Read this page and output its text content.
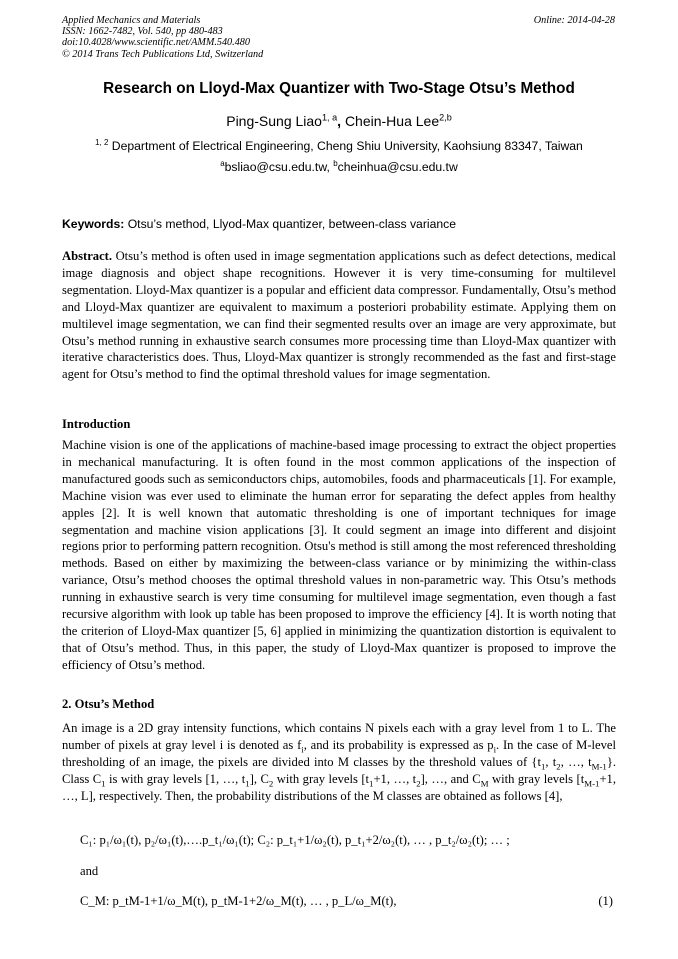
Applied Mechanics and Materials
ISSN: 1662-7482, Vol. 540, pp 480-483
doi:10.4028/www.scientific.net/AMM.540.480
© 2014 Trans Tech Publications Ltd, Switzerland
Online: 2014-04-28
Research on Lloyd-Max Quantizer with Two-Stage Otsu’s Method
Ping-Sung Liao$^{1, a}$, Chein-Hua Lee$^{2,b}$
$^{1, 2}$ Department of Electrical Engineering, Cheng Shiu University, Kaohsiung 83347, Taiwan
$^a$bsliao@csu.edu.tw, $^b$cheinhua@csu.edu.tw
Keywords: Otsu’s method, Llyod-Max quantizer, between-class variance
Abstract. Otsu’s method is often used in image segmentation applications such as defect detections, medical image diagnosis and object shape recognitions. However it is very time-consuming for multilevel segmentation. Lloyd-Max quantizer is a popular and efficient data compressor. Fundamentally, Otsu’s method and Lloyd-Max quantizer are equivalent to maximum a posteriori probability estimate. Applying them on multilevel image segmentation, we can find their segmented results over an image are very approximate, but Otsu’s method running in exhaustive search consumes more processing time than Lloyd-Max quantizer with iterative characteristics does. Thus, Lloyd-Max quantizer is strongly recommended as the fast and first-stage agent for Otsu’s method to find the optimal threshold values for image segmentation.
Introduction
Machine vision is one of the applications of machine-based image processing to extract the object properties in mechanical manufacturing. It is often found in the most common applications of the inspection of manufactured goods such as semiconductors chips, automobiles, foods and pharmaceuticals [1]. For example, Machine vision was ever used to eliminate the human error for separating the defect apples from healthy apples [2]. It is well known that automatic thresholding is one of important techniques for image segmentation and machine vision applications [3]. It could segment an image into different and disjoint regions prior to performing pattern recognition. Otsu's method is still among the most referenced thresholding methods. Based on either by maximizing the between-class variance or by minimizing the within-class variance, Otsu’s method chooses the optimal threshold values in non-parametric way. This Otsu’s methods running in exhaustive search is very time consuming for multilevel image segmentation, even though a fast recursive algorithm with look up table has been proposed to improve the efficiency [4]. It is worth noting that the criterion of Lloyd-Max quantizer [5, 6] applied in minimizing the quantization distortion is equivalent to that of Otsu’s method. Thus, in this paper, the study of Lloyd-Max quantizer is proposed to improve the efficiency of Otsu’s method.
2. Otsu’s Method
An image is a 2D gray intensity functions, which contains N pixels each with a gray level from 1 to L. The number of pixels at gray level i is denoted as $f_i$, and its probability is expressed as $p_i$. In the case of M-level thresholding of an image, the pixels are divided into M classes by the threshold values of {$t_1$, $t_2$, …, $t_{M-1}$}. Class $C_1$ is with gray levels [1, …, $t_1$], $C_2$ with gray levels [$t_1+1$, …, $t_2$], …, and $C_M$ with gray levels [$t_{M-1}+1$, …, L], respectively. Then, the probability distributions of the M classes are obtained as follows [4],
C₁: p₁/ω₁(t), p₂/ω₁(t),….p_t₁/ω₁(t); C₂: p_t₁+1/ω₂(t), p_t₁+2/ω₂(t), … , p_t₂/ω₂(t); … ;
and
C_M: p_tM-1+1/ω_M(t), p_tM-1+2/ω_M(t), … , p_L/ω_M(t),	(1)
